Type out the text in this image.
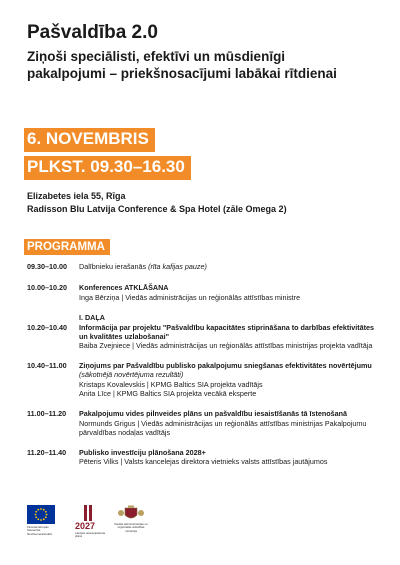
Pašvaldība 2.0
Ziņoši speciālisti, efektīvi un mūsdienīgi pakalpojumi – priekšnosacījumi labākai rītdienai
6. NOVEMBRIS
PLKST. 09.30–16.30
Elizabetes iela 55, Rīga
Radisson Blu Latvija Conference & Spa Hotel (zāle Omega 2)
PROGRAMMA
09.30–10.00	Dalībnieku ierašanās (rīta kafijas pauze)
10.00–10.20	Konferences ATKLĀŠANA
Inga Bērziņa | Viedās administrācijas un reģionālās attīstības ministre
I. DAĻA
10.20–10.40	Informācija par projektu "Pašvaldību kapacitātes stiprināšana to darbības efektivitātes un kvalitātes uzlabošanai"
Baiba Zvejniece | Viedās administrācijas un reģionālās attīstības ministrijas projekta vadītāja
10.40–11.00	Ziņojums par Pašvaldību publisko pakalpojumu sniegšanas efektivitātes novērtējumu (sākotnējā novērtējuma rezultāti)
Kristaps Kovalevskis | KPMG Baltics SIA projekta vadītājs
Anita Līce | KPMG Baltics SIA projekta vecākā eksperte
11.00–11.20	Pakalpojumu vides pilnveides plāns un pašvaldību iesaistīšanās tā īstenošanā
Normunds Grigus | Viedās administrācijas un reģionālās attīstības ministrijas Pakalpojumu pārvaldības nodaļas vadītājs
11.20–11.40	Publisko investīciju plānošana 2028+
Pēteris Vilks | Valsts kancelejas direktora vietnieks valsts attīstības jautājumos
Finansē Eiropas Savienība NextGenerationEU
2027
Latvijas atveseļošanas plāns
Viedās administrācijas un reģionālās attīstības ministrija
